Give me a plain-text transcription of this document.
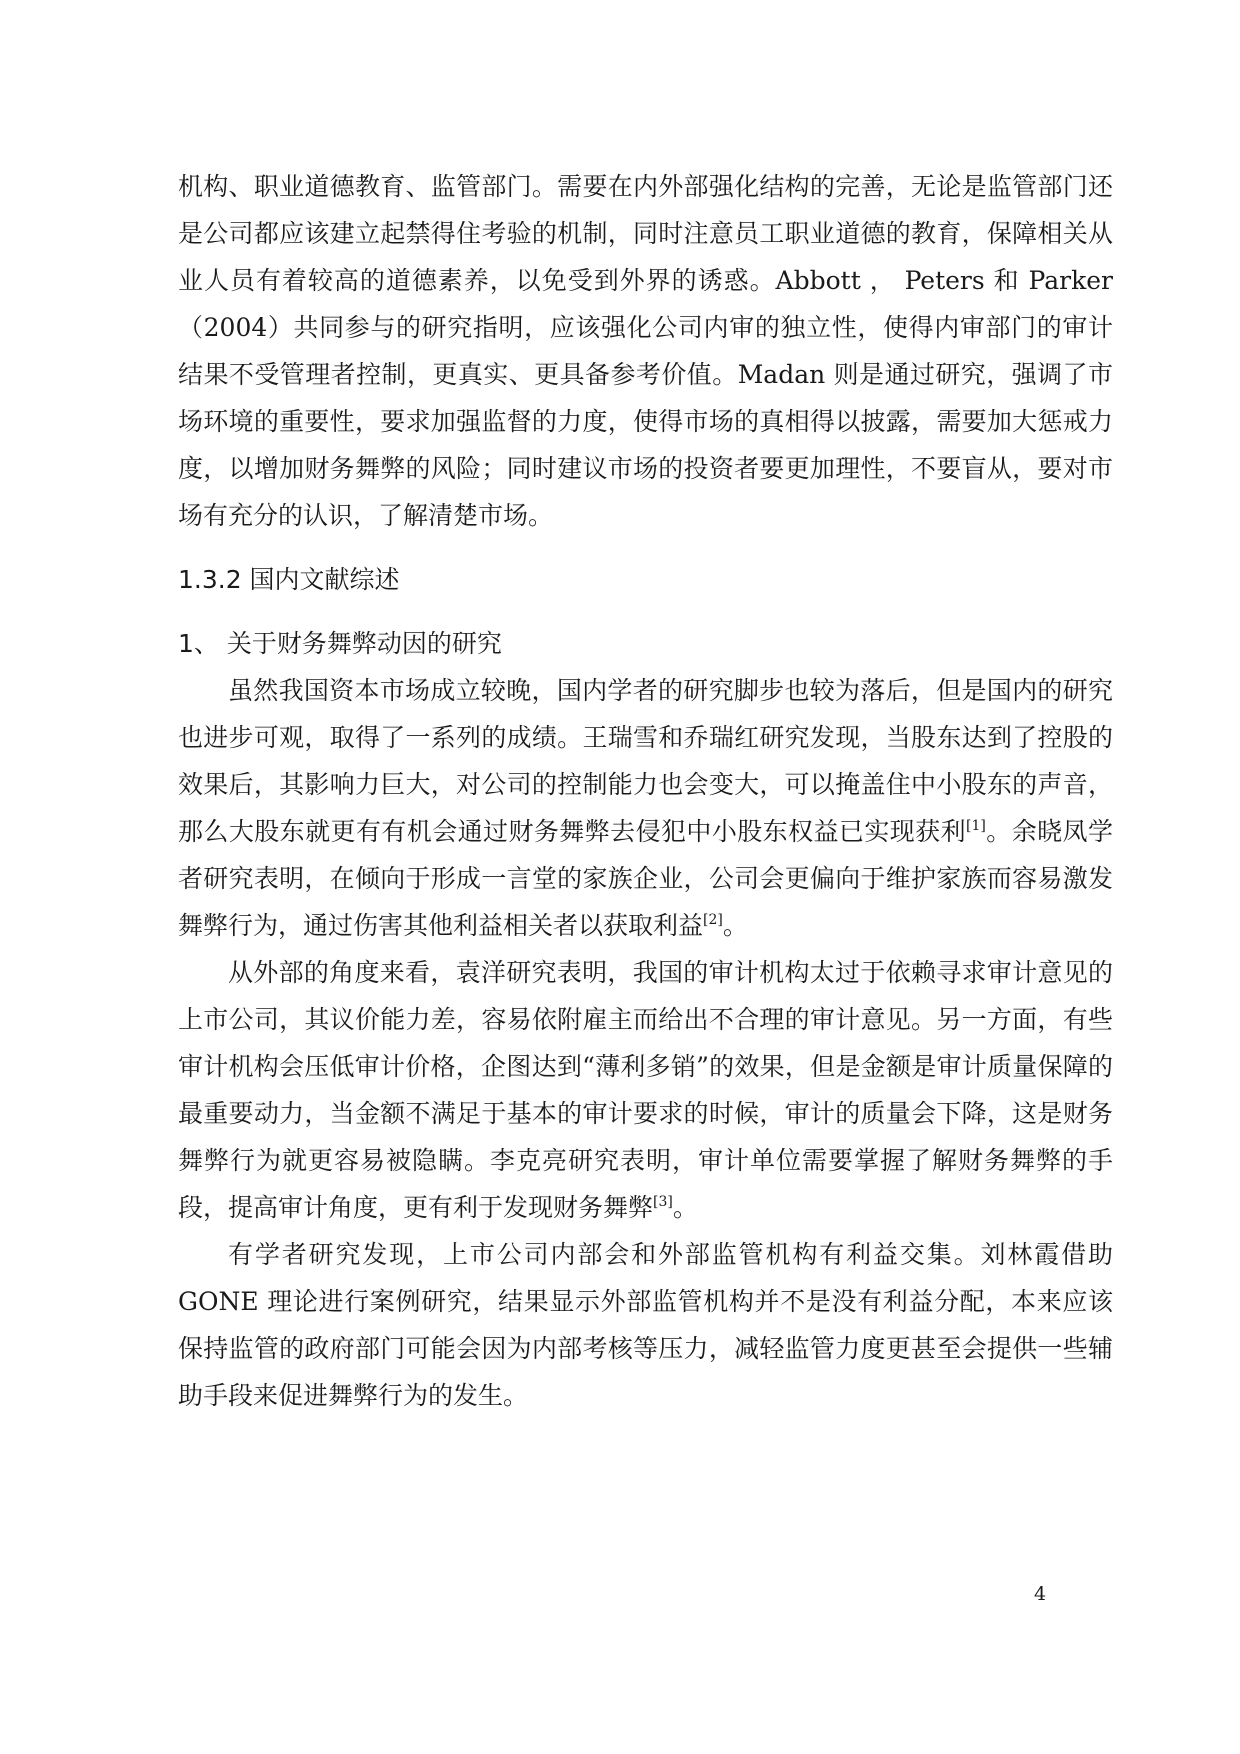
机构、职业道德教育、监管部门。需要在内外部强化结构的完善，无论是监管部门还是公司都应该建立起禁得住考验的机制，同时注意员工职业道德的教育，保障相关从业人员有着较高的道德素养，以免受到外界的诱惑。Abbott ， Peters 和 Parker（2004）共同参与的研究指明，应该强化公司内审的独立性，使得内审部门的审计结果不受管理者控制，更真实、更具备参考价值。Madan 则是通过研究，强调了市场环境的重要性，要求加强监督的力度，使得市场的真相得以披露，需要加大惩戒力度，以增加财务舞弊的风险；同时建议市场的投资者要更加理性，不要盲从，要对市场有充分的认识，了解清楚市场。

1.3.2 国内文献综述

1、 关于财务舞弊动因的研究

虽然我国资本市场成立较晚，国内学者的研究脚步也较为落后，但是国内的研究也进步可观，取得了一系列的成绩。王瑞雪和乔瑞红研究发现，当股东达到了控股的效果后，其影响力巨大，对公司的控制能力也会变大，可以掩盖住中小股东的声音，那么大股东就更有有机会通过财务舞弊去侵犯中小股东权益已实现获利[1]。余晓凤学者研究表明，在倾向于形成一言堂的家族企业，公司会更偏向于维护家族而容易激发舞弊行为，通过伤害其他利益相关者以获取利益[2]。

从外部的角度来看，袁洋研究表明，我国的审计机构太过于依赖寻求审计意见的上市公司，其议价能力差，容易依附雇主而给出不合理的审计意见。另一方面，有些审计机构会压低审计价格，企图达到“薄利多销”的效果，但是金额是审计质量保障的最重要动力，当金额不满足于基本的审计要求的时候，审计的质量会下降，这是财务舞弊行为就更容易被隐瞒。李克亮研究表明，审计单位需要掌握了解财务舞弊的手段，提高审计角度，更有利于发现财务舞弊[3]。

有学者研究发现，上市公司内部会和外部监管机构有利益交集。刘林霞借助 GONE 理论进行案例研究，结果显示外部监管机构并不是没有利益分配，本来应该保持监管的政府部门可能会因为内部考核等压力，减轻监管力度更甚至会提供一些辅助手段来促进舞弊行为的发生。

4
